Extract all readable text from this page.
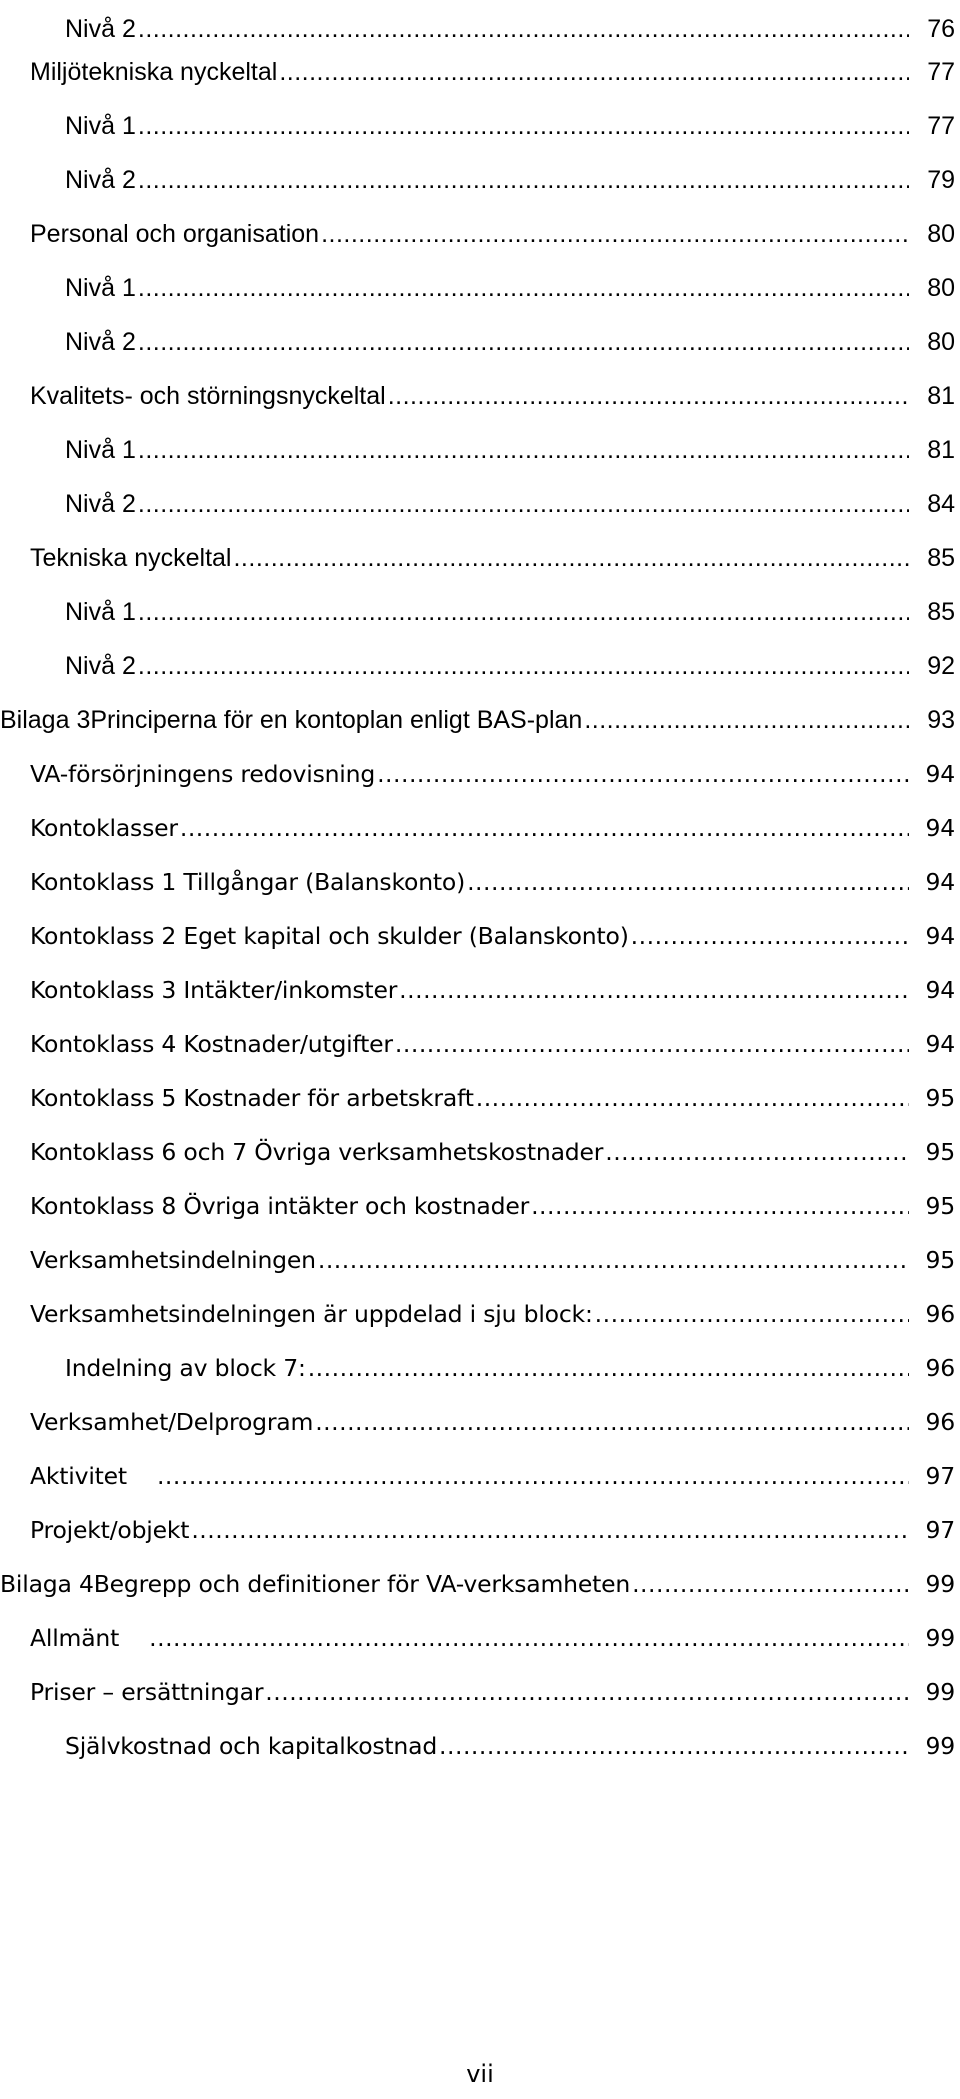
Nivå 2 .....	76
Miljötekniska nyckeltal .....	77
Nivå 1 .....	77
Nivå 2 .....	79
Personal och organisation .....	80
Nivå 1 .....	80
Nivå 2 .....	80
Kvalitets- och störningsnyckeltal .....	81
Nivå 1 .....	81
Nivå 2 .....	84
Tekniska nyckeltal .....	85
Nivå 1 .....	85
Nivå 2 .....	92
Bilaga 3 Principerna för en kontoplan enligt BAS-plan .....	93
VA-försörjningens redovisning .....	94
Kontoklasser .....	94
Kontoklass 1 Tillgångar (Balanskonto) .....	94
Kontoklass 2 Eget kapital och skulder (Balanskonto) .....	94
Kontoklass 3 Intäkter/inkomster .....	94
Kontoklass 4 Kostnader/utgifter .....	94
Kontoklass 5 Kostnader för arbetskraft .....	95
Kontoklass 6 och 7 Övriga verksamhetskostnader .....	95
Kontoklass 8 Övriga intäkter och kostnader .....	95
Verksamhetsindelningen .....	95
Verksamhetsindelningen är uppdelad i sju block: .....	96
Indelning av block 7: .....	96
Verksamhet/Delprogram .....	96
Aktivitet .....	97
Projekt/objekt .....	97
Bilaga 4 Begrepp och definitioner för VA-verksamheten .....	99
Allmänt .....	99
Priser – ersättningar .....	99
Självkostnad och kapitalkostnad .....	99
vii
